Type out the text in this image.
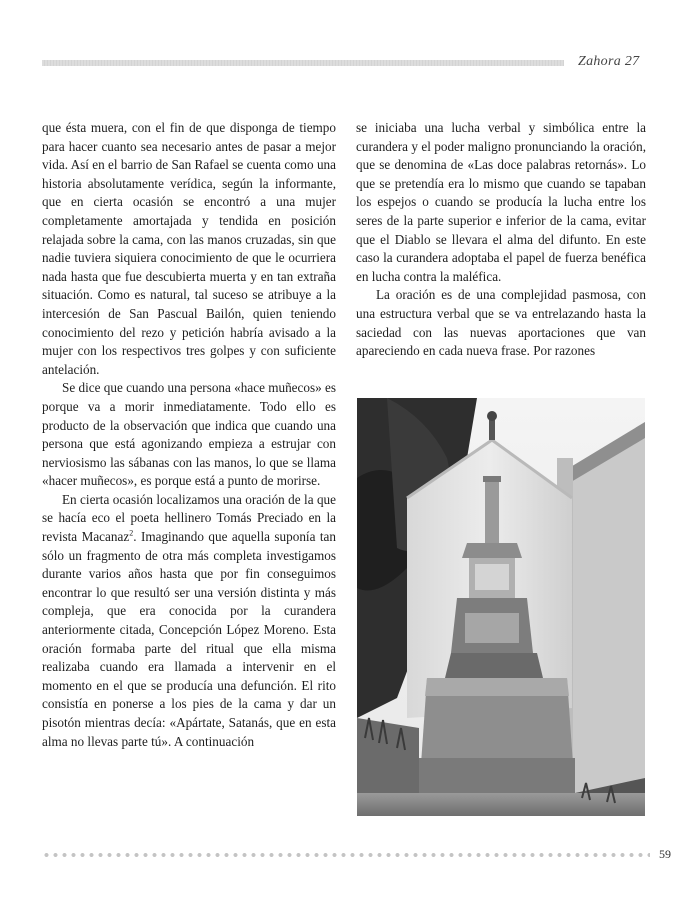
Zahora 27

que ésta muera, con el fin de que disponga de tiempo para hacer cuanto sea necesario antes de pasar a mejor vida. Así en el barrio de San Rafael se cuenta como una historia absolutamente verídica, según la informante, que en cierta ocasión se encontró a una mujer completamente amortajada y tendida en posición relajada sobre la cama, con las manos cruzadas, sin que nadie tuviera siquiera conocimiento de que le ocurriera nada hasta que fue descubierta muerta y en tan extraña situación. Como es natural, tal suceso se atribuye a la intercesión de San Pascual Bailón, quien teniendo conocimiento del rezo y petición habría avisado a la mujer con los respectivos tres golpes y con suficiente antelación.

Se dice que cuando una persona «hace muñecos» es porque va a morir inmediatamente. Todo ello es producto de la observación que indica que cuando una persona que está agonizando empieza a estrujar con nerviosismo las sábanas con las manos, lo que se llama «hacer muñecos», es porque está a punto de morirse.

En cierta ocasión localizamos una oración de la que se hacía eco el poeta hellinero Tomás Preciado en la revista Macanaz$^2$. Imaginando que aquella suponía tan sólo un fragmento de otra más completa investigamos durante varios años hasta que por fin conseguimos encontrar lo que resultó ser una versión distinta y más compleja, que era conocida por la curandera anteriormente citada, Concepción López Moreno. Esta oración formaba parte del ritual que ella misma realizaba cuando era llamada a intervenir en el momento en el que se producía una defunción. El rito consistía en ponerse a los pies de la cama y dar un pisotón mientras decía: «Apártate, Satanás, que en esta alma no llevas parte tú». A continuación

se iniciaba una lucha verbal y simbólica entre la curandera y el poder maligno pronunciando la oración, que se denomina de «Las doce palabras retornás». Lo que se pretendía era lo mismo que cuando se tapaban los espejos o cuando se producía la lucha entre los seres de la parte superior e inferior de la cama, evitar que el Diablo se llevara el alma del difunto. En este caso la curandera adoptaba el papel de fuerza benéfica en lucha contra la maléfica.

La oración es de una complejidad pasmosa, con una estructura verbal que se va entrelazando hasta la saciedad con las nuevas aportaciones que van apareciendo en cada nueva frase. Por razones

59
